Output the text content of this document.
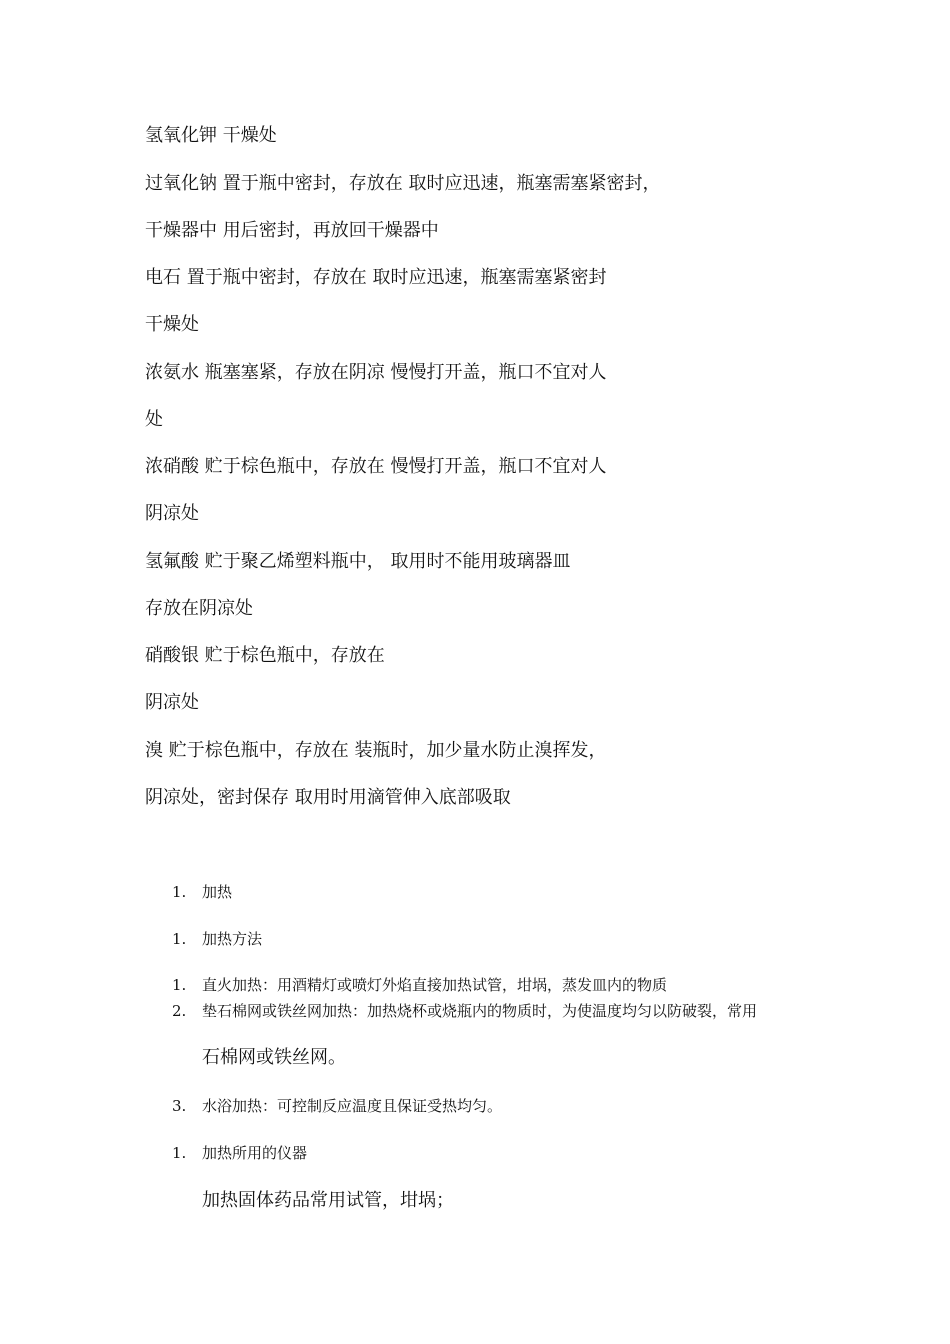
氢氧化钾 干燥处
过氧化钠 置于瓶中密封，存放在 取时应迅速，瓶塞需塞紧密封，
干燥器中 用后密封，再放回干燥器中
电石 置于瓶中密封，存放在 取时应迅速，瓶塞需塞紧密封
干燥处
浓氨水 瓶塞塞紧，存放在阴凉 慢慢打开盖，瓶口不宜对人
处
浓硝酸 贮于棕色瓶中，存放在 慢慢打开盖，瓶口不宜对人
阴凉处
氢氟酸 贮于聚乙烯塑料瓶中， 取用时不能用玻璃器皿
存放在阴凉处
硝酸银 贮于棕色瓶中，存放在
阴凉处
溴 贮于棕色瓶中，存放在 装瓶时，加少量水防止溴挥发，
阴凉处，密封保存 取用时用滴管伸入底部吸取
1. 加热
1. 加热方法
1. 直火加热：用酒精灯或喷灯外焰直接加热试管，坩埚，蒸发皿内的物质
2. 垫石棉网或铁丝网加热：加热烧杯或烧瓶内的物质时，为使温度均匀以防破裂，常用
石棉网或铁丝网。
3. 水浴加热：可控制反应温度且保证受热均匀。
1. 加热所用的仪器
加热固体药品常用试管，坩埚；
